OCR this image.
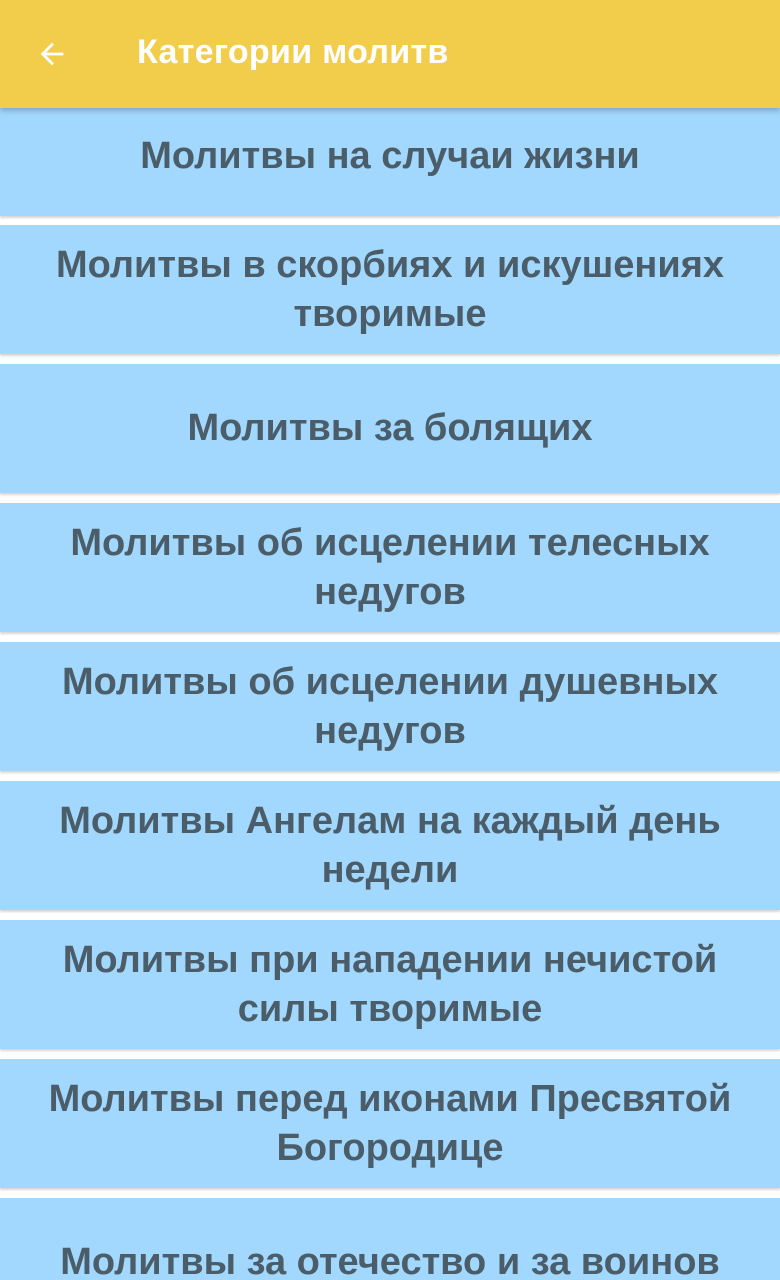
Категории молитв
Молитвы на случаи жизни
Молитвы в скорбиях и искушениях творимые
Молитвы за болящих
Молитвы об исцелении телесных недугов
Молитвы об исцелении душевных недугов
Молитвы Ангелам на каждый день недели
Молитвы при нападении нечистой силы творимые
Молитвы перед иконами Пресвятой Богородице
Молитвы за отечество и за воинов
